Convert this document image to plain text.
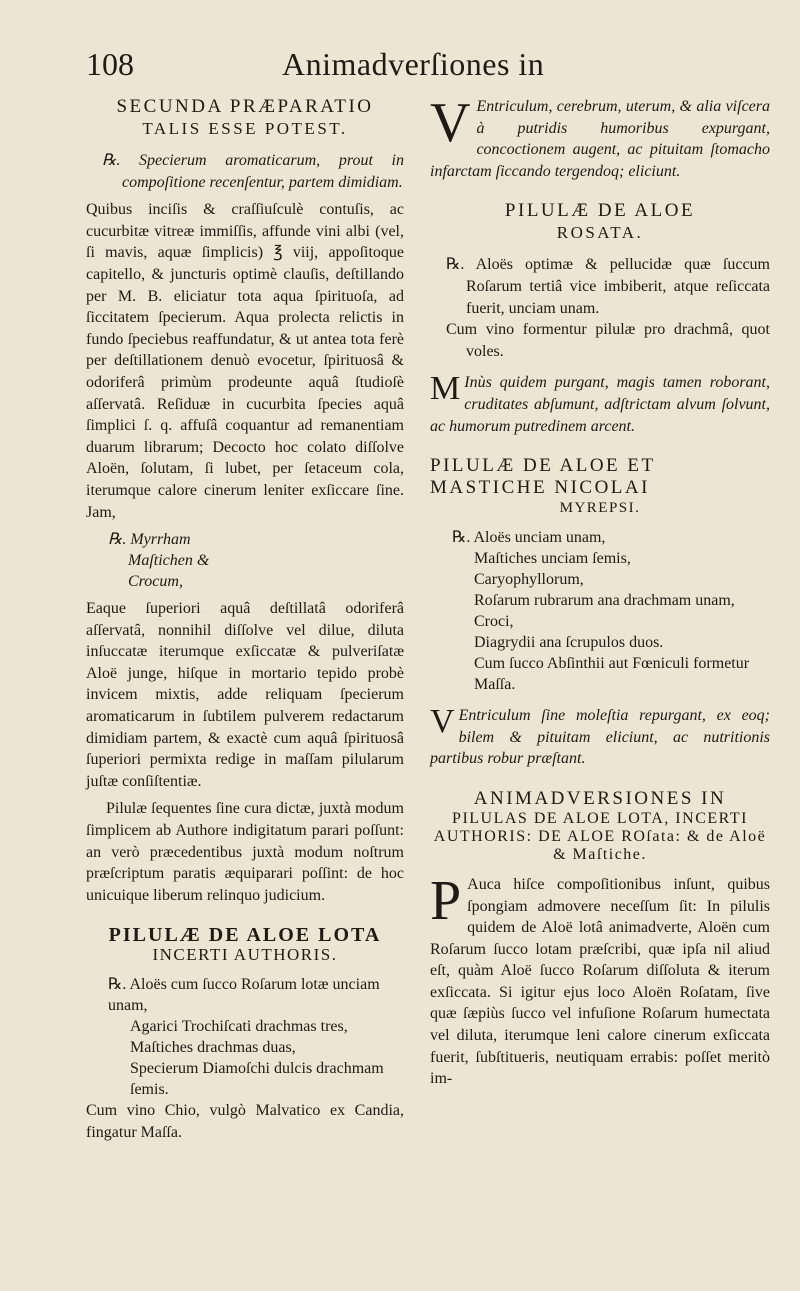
108	Animadverſiones in
SECUNDA PRÆPARATIO
TALIS ESSE POTEST.

℞. Specierum aromaticarum, prout in compoſitione recenſentur, partem dimidiam.

Quibus inciſis & craſſiuſculè contuſis, ac cucurbitæ vitreæ immiſſis, affunde vini albi (vel, ſi mavis, aquæ ſimplicis) ℥ viij, appoſitoque capitello, & juncturis optimè clauſis, deſtillando per M. B. eliciatur tota aqua ſpirituoſa, ad ſiccitatem ſpecierum. Aqua prolecta relictis in fundo ſpeciebus reaffundatur, & ut antea tota ferè per deſtillationem denuò evocetur, ſpirituosâ & odoriferâ primùm prodeunte aquâ ſtudioſè aſſervatâ. Reſiduæ in cucurbita ſpecies aquâ ſimplici ſ. q. affuſâ coquantur ad remanentiam duarum librarum; Decocto hoc colato diſſolve Aloën, ſolutam, ſi lubet, per ſetaceum cola, iterumque calore cinerum leniter exſiccare ſine. Jam,

℞. Myrrham
Maſtichen &
Crocum,

Eaque ſuperiori aquâ deſtillatâ odoriferâ aſſervatâ, nonnihil diſſolve vel dilue, diluta inſuccatæ iterumque exſiccatæ & pulveriſatæ Aloë junge, hiſque in mortario tepido probè invicem mixtis, adde reliquam ſpecierum aromaticarum in ſubtilem pulverem redactarum dimidiam partem, & exactè cum aquâ ſpirituosâ ſuperiori permixta redige in maſſam pilularum juſtæ conſiſtentiæ.

Pilulæ ſequentes ſine cura dictæ, juxtà modum ſimplicem ab Authore indigitatum parari poſſunt: an verò præcedentibus juxtà modum noſtrum præſcriptum paratis æquiparari poſſint: de hoc unicuique liberum relinquo judicium.

PILULÆ DE ALOE LOTA
INCERTI AUTHORIS.
℞. Aloës cum ſucco Roſarum lotæ unciam unam,
Agarici Trochiſcati drachmas tres,
Maſtiches drachmas duas,
Specierum Diamoſchi dulcis drachmam ſemis.

Cum vino Chio, vulgò Malvatico ex Candia, fingatur Maſſa.

V Entriculum, cerebrum, uterum, & alia viſcera à putridis humoribus expurgant, concoctionem augent, ac pituitam ſtomacho infarctam ſiccando tergendoq; eliciunt.

PILULÆ DE ALOE
ROSATA.

℞. Aloës optimæ & pellucidæ quæ ſuccum Roſarum tertiâ vice imbiberit, atque reſiccata fuerit, unciam unam.

Cum vino formentur pilulæ pro drachmâ, quot voles.

M Inùs quidem purgant, magis tamen roborant, cruditates abſumunt, adſtrictam alvum ſolvunt, ac humorum putredinem arcent.

PILULÆ DE ALOE ET MASTICHE NICOLAI
MYREPSI.
℞. Aloës unciam unam,
Maſtiches unciam ſemis,
Caryophyllorum,
Roſarum rubrarum ana drachmam unam,
Croci,
Diagrydii ana ſcrupulos duos.
Cum ſucco Abſinthii aut Fœniculi formetur Maſſa.
V Entriculum ſine moleſtia repurgant, ex eoq; bilem & pituitam eliciunt, ac nutritionis partibus robur præſtant.

ANIMADVERSIONES IN
PILULAS DE ALOE LOTA, INCERTI AUTHORIS: DE ALOE ROſata: & de Aloë & Maſtiche.
P Auca hiſce compoſitionibus inſunt, quibus ſpongiam admovere neceſſum ſit: In pilulis quidem de Aloë lotâ animadverte, Aloën cum Roſarum ſucco lotam præſcribi, quæ ipſa nil aliud eſt, quàm Aloë ſucco Roſarum diſſoluta & iterum exſiccata. Si igitur ejus loco Aloën Roſatam, ſive quæ ſæpiùs ſucco vel infuſione Roſarum humectata vel diluta, iterumque leni calore cinerum exſiccata fuerit, ſubſtitueris, neutiquam errabis: poſſet meritò im-
